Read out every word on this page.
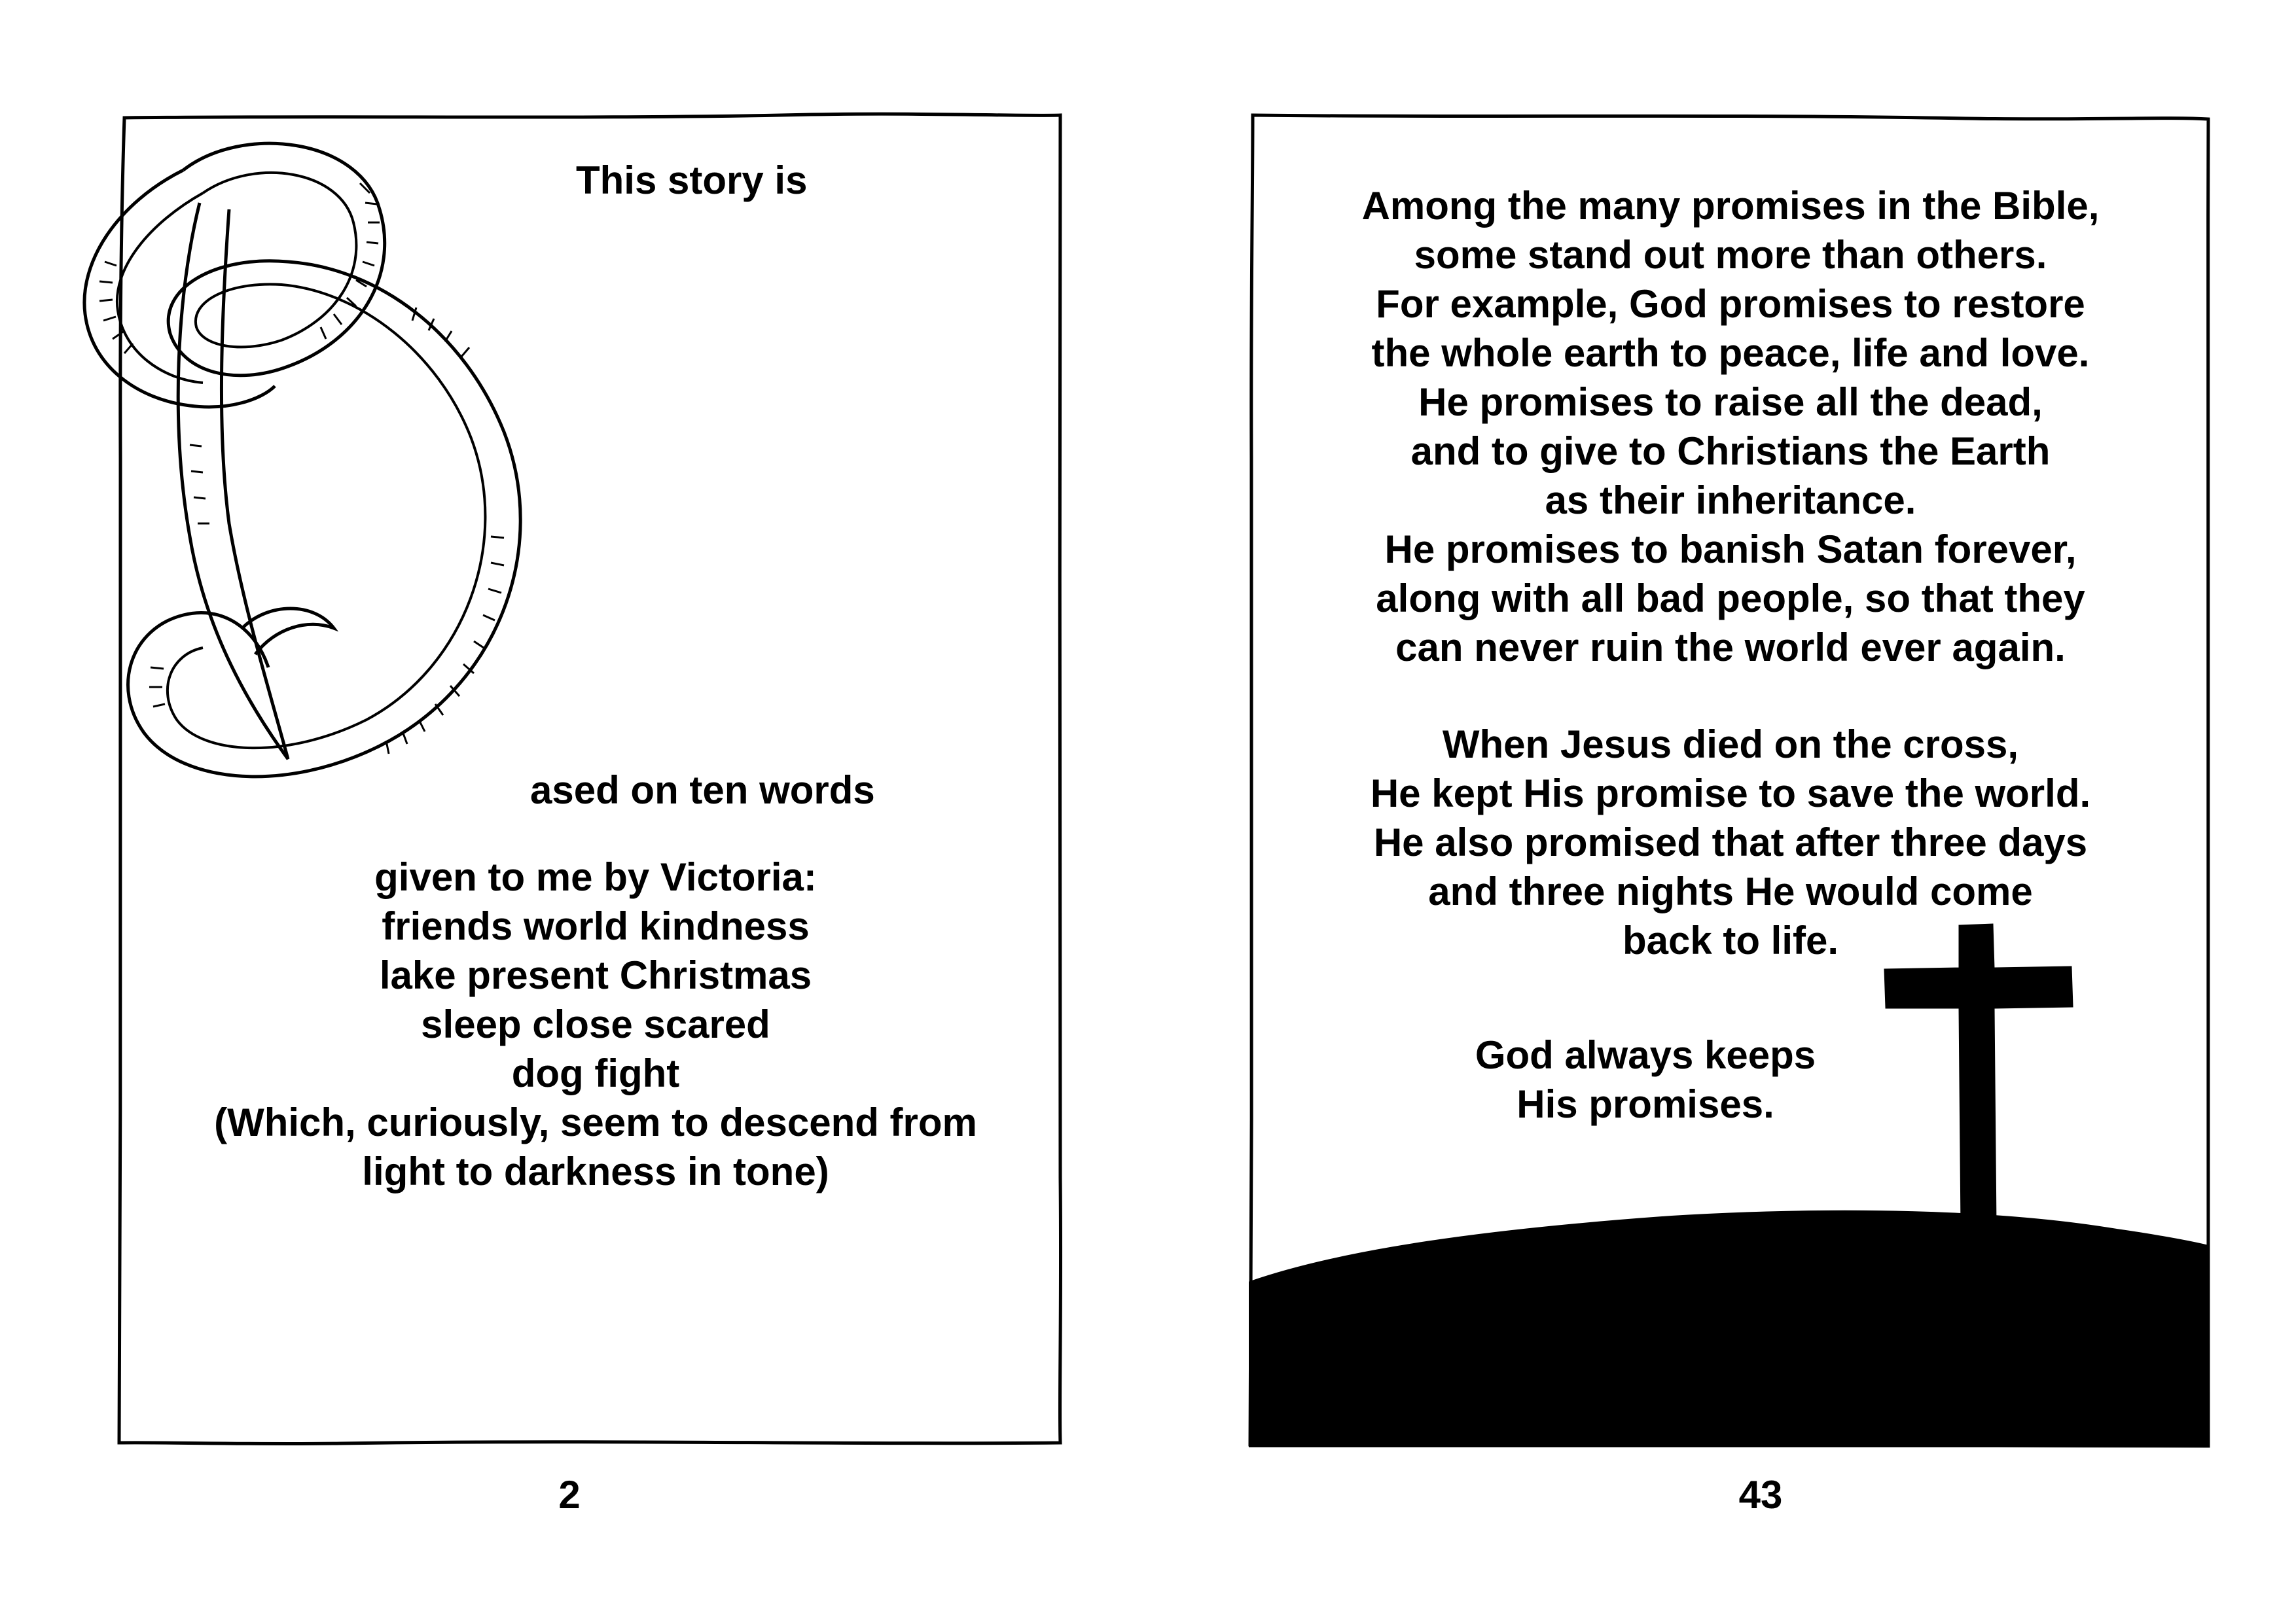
This story is
ased on ten words
given to me by Victoria:
friends world kindness
lake present Christmas
sleep close scared
dog fight
(Which, curiously, seem to descend from
light to darkness in tone)
2
Among the many promises in the Bible,
some stand out more than others.
For example, God promises to restore
the whole earth to peace, life and love.
He promises to raise all the dead,
and to give to Christians the Earth
as their inheritance.
He promises to banish Satan forever,
along with all bad people, so that they
can never ruin the world ever again.
When Jesus died on the cross,
He kept His promise to save the world.
He also promised that after three days
and three nights He would come
back to life.
God always keeps
His promises.
43
